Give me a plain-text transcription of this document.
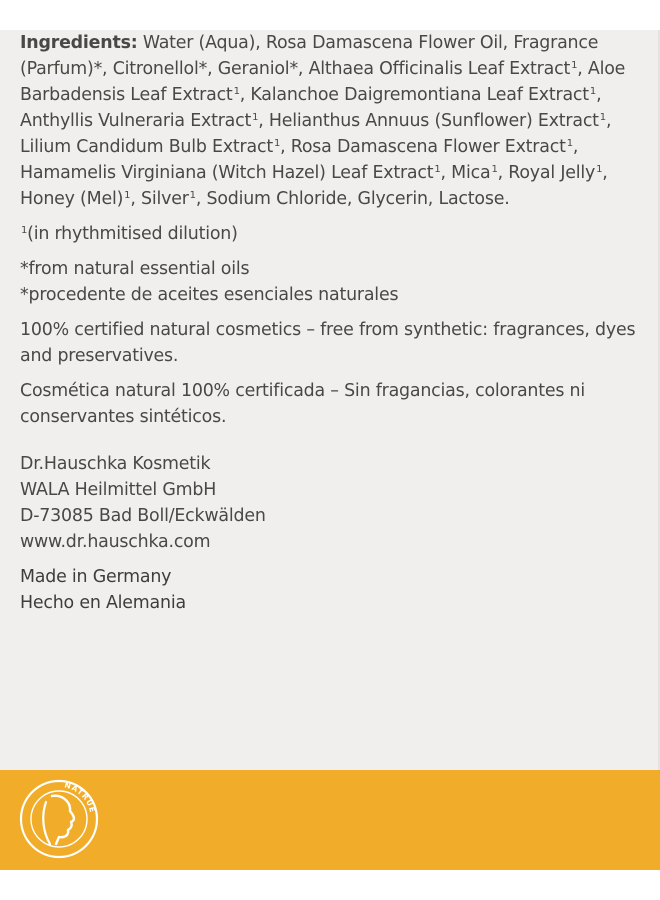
Ingredients: Water (Aqua), Rosa Damascena Flower Oil, Fragrance (Parfum)*, Citronellol*, Geraniol*, Althaea Officinalis Leaf Extract$^1$, Aloe Barbadensis Leaf Extract$^1$, Kalanchoe Daigremontiana Leaf Extract$^1$, Anthyllis Vulneraria Extract$^1$, Helianthus Annuus (Sunflower) Extract$^1$, Lilium Candidum Bulb Extract$^1$, Rosa Damascena Flower Extract$^1$, Hamamelis Virginiana (Witch Hazel) Leaf Extract$^1$, Mica$^1$, Royal Jelly$^1$, Honey (Mel)$^1$, Silver$^1$, Sodium Chloride, Glycerin, Lactose.

$^1$(in rhythmitised dilution)

*from natural essential oils

*procedente de aceites esenciales naturales

100% certified natural cosmetics – free from synthetic: fragrances, dyes and preservatives.

Cosmética natural 100% certificada – Sin fragancias, colorantes ni conservantes sintéticos.

Dr.Hauschka Kosmetik
WALA Heilmittel GmbH
D-73085 Bad Boll/Eckwälden
www.dr.hauschka.com
Made in Germany
Hecho en Alemania
NATRUE
